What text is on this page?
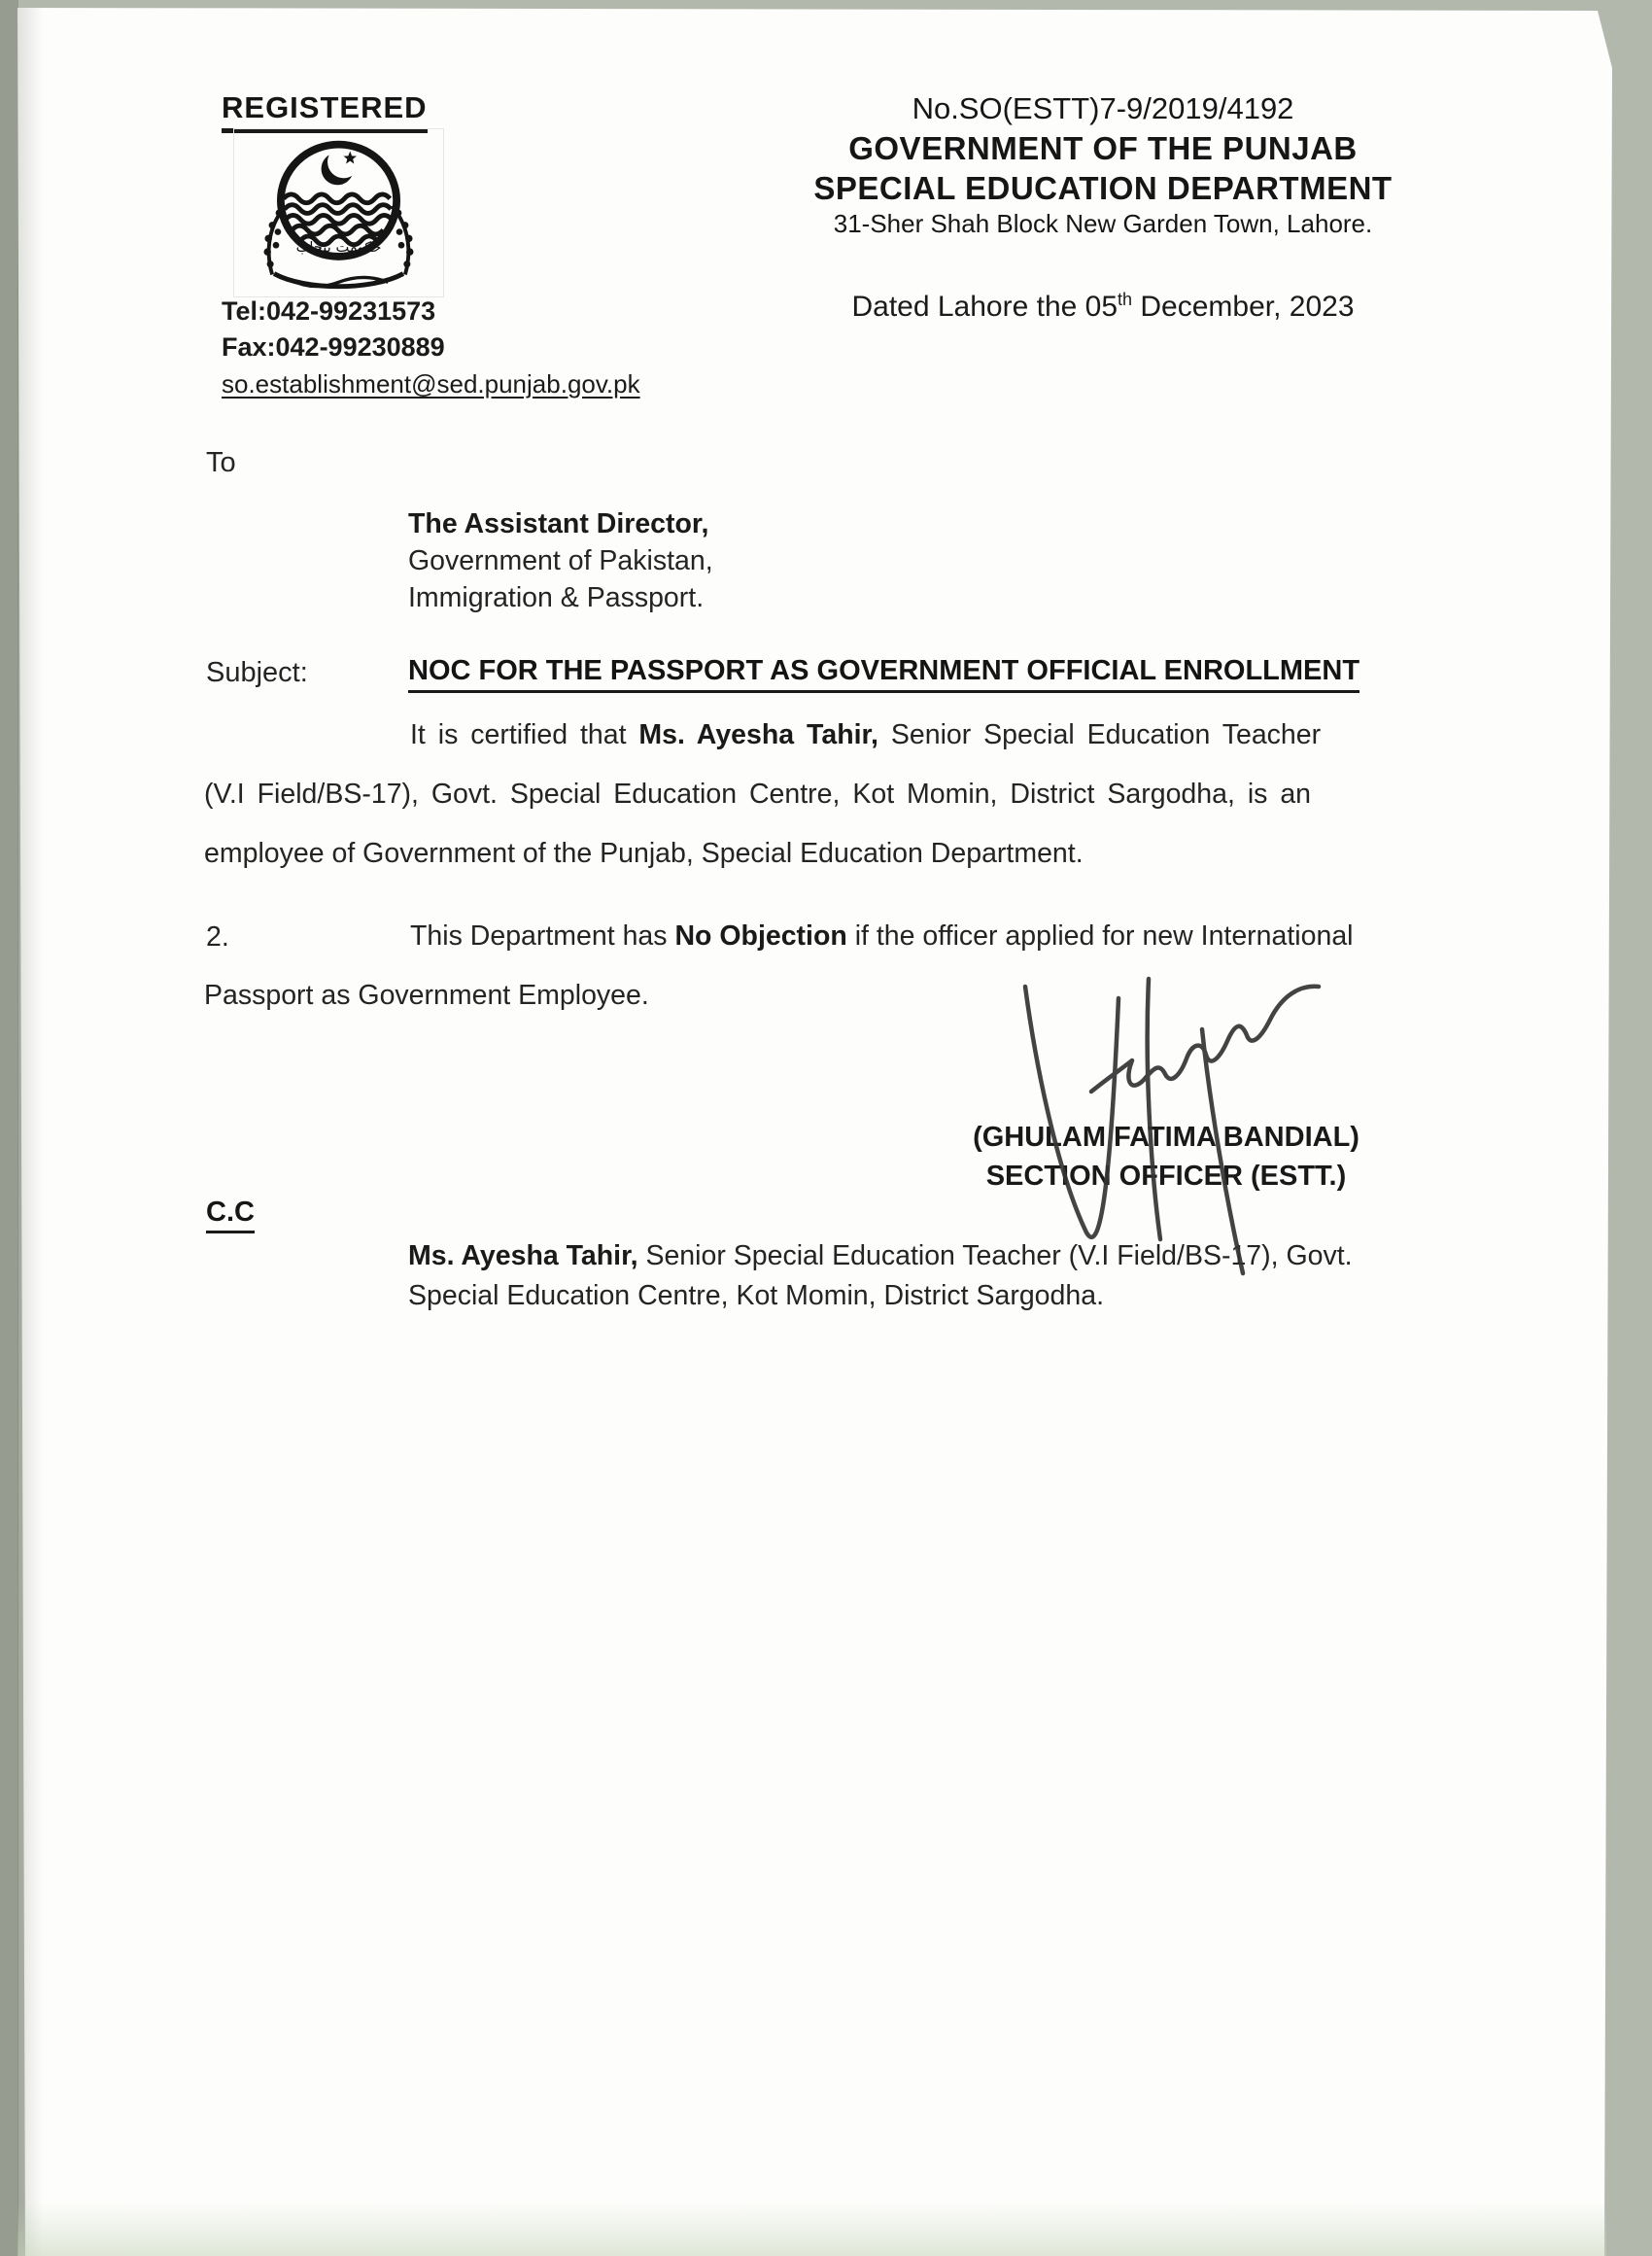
REGISTERED
حکومت پنجاب
Tel:042-99231573
Fax:042-99230889
so.establishment@sed.punjab.gov.pk
No.SO(ESTT)7-9/2019/4192
GOVERNMENT OF THE PUNJAB
SPECIAL EDUCATION DEPARTMENT
31-Sher Shah Block New Garden Town, Lahore.
Dated Lahore the 05th December, 2023
To
The Assistant Director,
Government of Pakistan,
Immigration & Passport.
Subject:	NOC FOR THE PASSPORT AS GOVERNMENT OFFICIAL ENROLLMENT
It is certified that Ms. Ayesha Tahir, Senior Special Education Teacher
(V.I Field/BS-17), Govt. Special Education Centre, Kot Momin, District Sargodha, is an
employee of Government of the Punjab, Special Education Department.
2.	This Department has No Objection if the officer applied for new International
Passport as Government Employee.
(GHULAM FATIMA BANDIAL)
SECTION OFFICER (ESTT.)
C.C
Ms. Ayesha Tahir, Senior Special Education Teacher (V.I Field/BS-17), Govt.
Special Education Centre, Kot Momin, District Sargodha.
